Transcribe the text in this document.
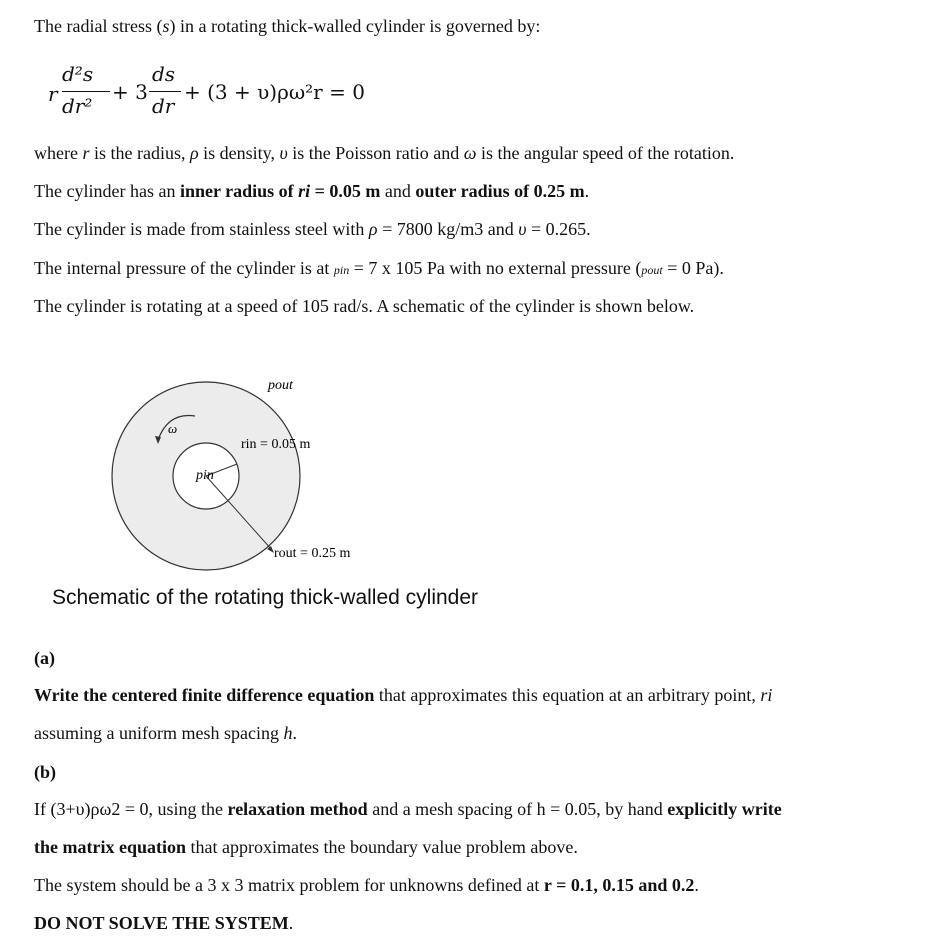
The radial stress (s) in a rotating thick-walled cylinder is governed by:
r
d²s
dr²
+ 3
ds
dr
+ (3 + υ)ρω²r = 0
where r is the radius, ρ is density, υ is the Poisson ratio and ω is the angular speed of the rotation.
The cylinder has an inner radius of ri = 0.05 m and outer radius of 0.25 m.
The cylinder is made from stainless steel with ρ = 7800 kg/m3 and υ = 0.265.
The internal pressure of the cylinder is at pin = 7 x 105 Pa with no external pressure (pout = 0 Pa).
The cylinder is rotating at a speed of 105 rad/s. A schematic of the cylinder is shown below.
pout
ω
rin = 0.05 m
pin
rout = 0.25 m
Schematic of the rotating thick-walled cylinder
(a)
Write the centered finite difference equation that approximates this equation at an arbitrary point, ri
assuming a uniform mesh spacing h.
(b)
If (3+υ)ρω2 = 0, using the relaxation method and a mesh spacing of h = 0.05, by hand explicitly write
the matrix equation that approximates the boundary value problem above.
The system should be a 3 x 3 matrix problem for unknowns defined at r = 0.1, 0.15 and 0.2.
DO NOT SOLVE THE SYSTEM.
